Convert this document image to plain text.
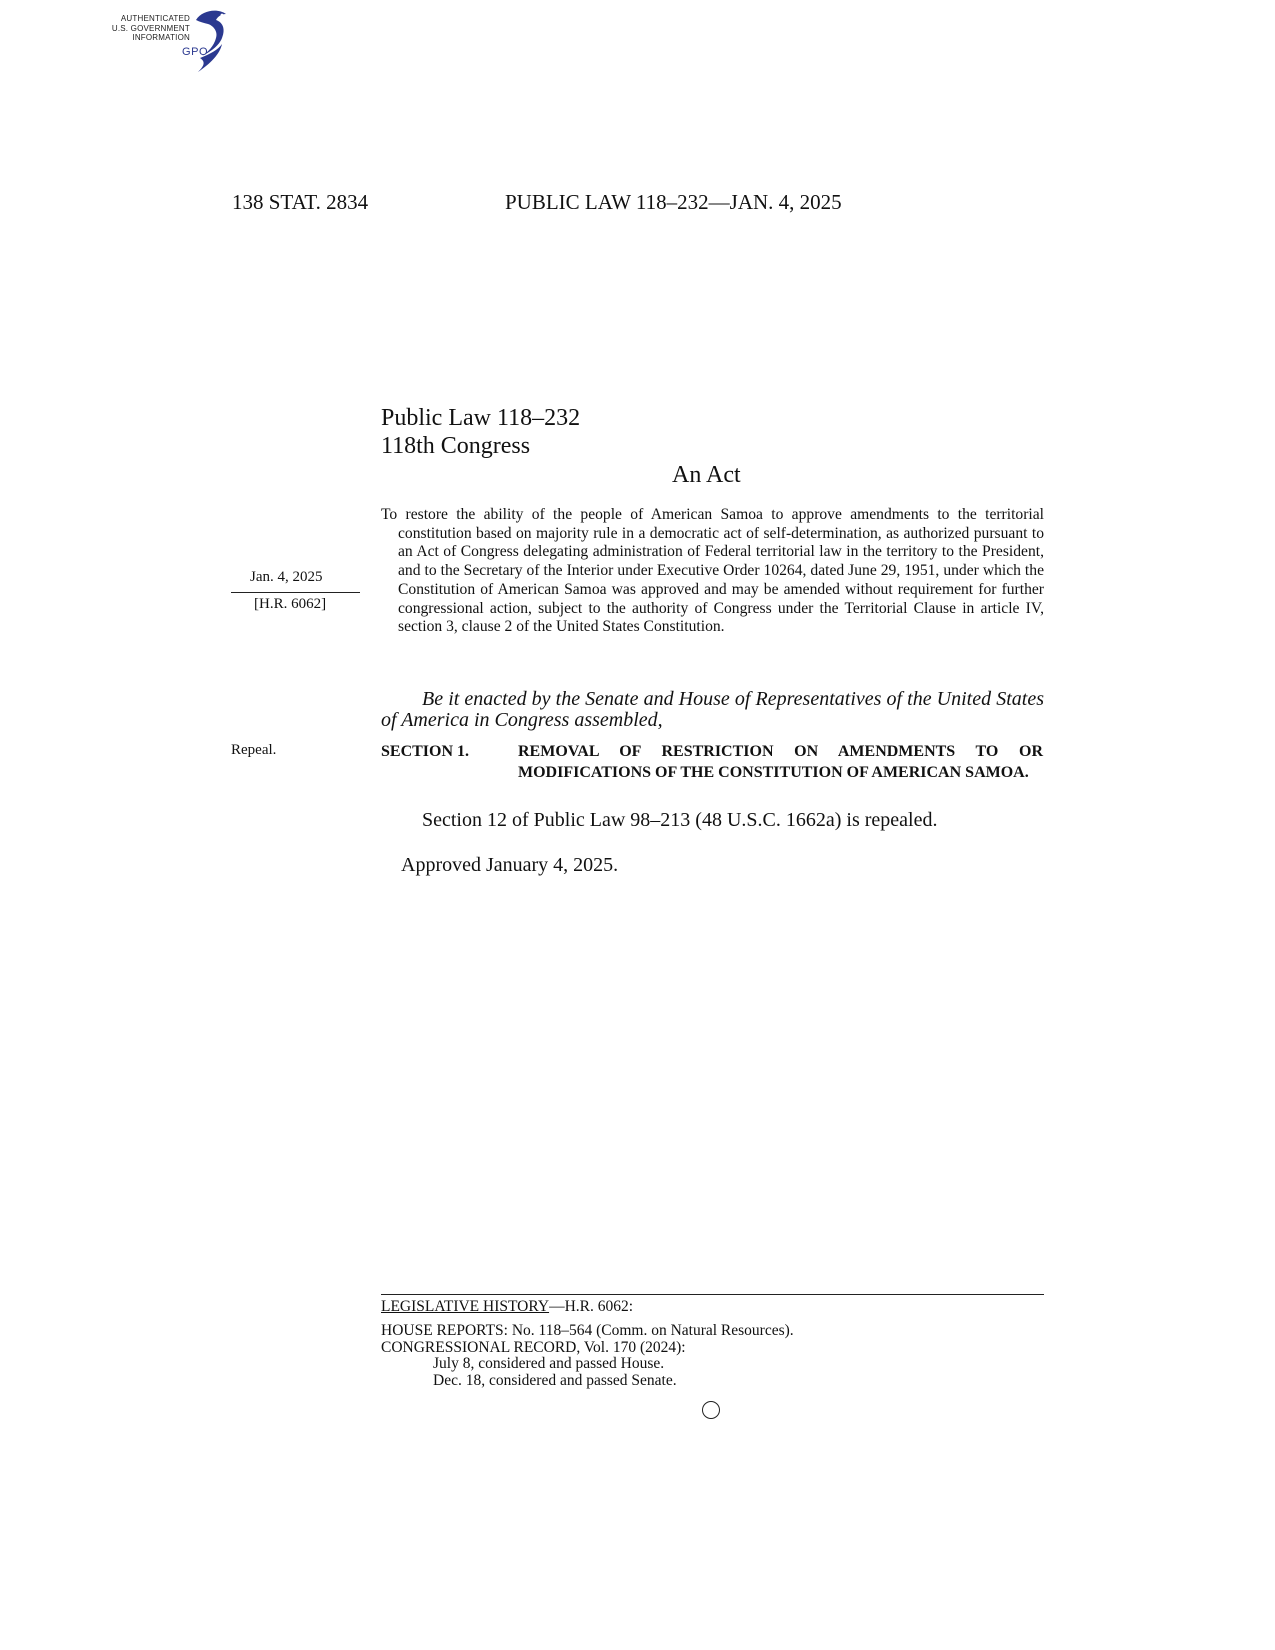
AUTHENTICATED
U.S. GOVERNMENT
INFORMATION
GPO
138 STAT. 2834	PUBLIC LAW 118–232—JAN. 4, 2025
Public Law 118–232
118th Congress
An Act
Jan. 4, 2025
[H.R. 6062]
Repeal.
To restore the ability of the people of American Samoa to approve amendments to the territorial constitution based on majority rule in a democratic act of self-determination, as authorized pursuant to an Act of Congress delegating administration of Federal territorial law in the territory to the President, and to the Secretary of the Interior under Executive Order 10264, dated June 29, 1951, under which the Constitution of American Samoa was approved and may be amended without requirement for further congressional action, subject to the authority of Congress under the Territorial Clause in article IV, section 3, clause 2 of the United States Constitution.
Be it enacted by the Senate and House of Representatives of the United States of America in Congress assembled,
SECTION 1.	REMOVAL OF RESTRICTION ON AMENDMENTS TO OR MODIFICATIONS OF THE CONSTITUTION OF AMERICAN SAMOA.
Section 12 of Public Law 98–213 (48 U.S.C. 1662a) is repealed.
Approved January 4, 2025.
LEGISLATIVE HISTORY—H.R. 6062:
HOUSE REPORTS: No. 118–564 (Comm. on Natural Resources).
CONGRESSIONAL RECORD, Vol. 170 (2024):
July 8, considered and passed House.
Dec. 18, considered and passed Senate.
